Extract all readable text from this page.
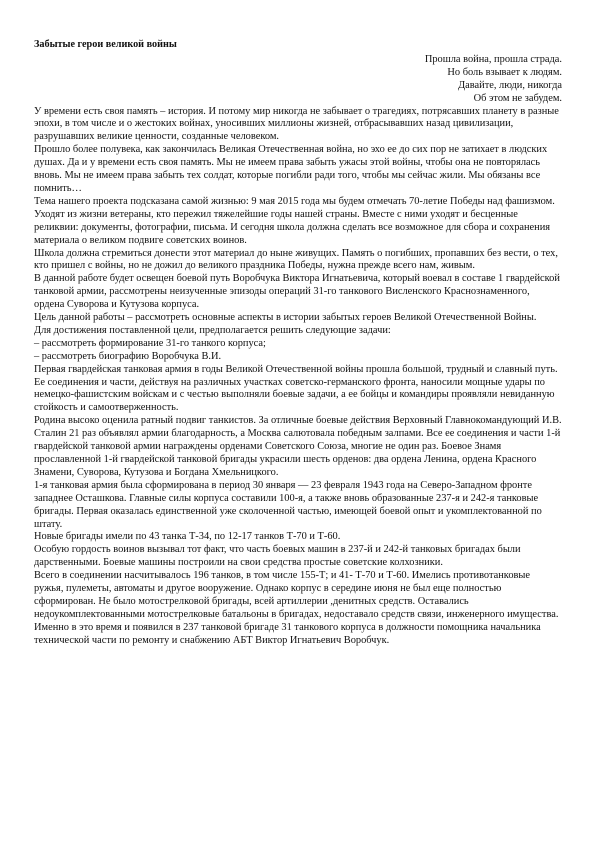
Забытые герои великой войны
Прошла война, прошла страда.
Но боль взывает к людям.
Давайте, люди, никогда
Об этом не забудем.

У времени есть своя память – история. И потому мир никогда не забывает о трагедиях, потрясавших планету в разные эпохи, в том числе и о жестоких войнах, уносивших миллионы жизней, отбрасывавших назад цивилизации, разрушавших великие ценности, созданные человеком.

Прошло более полувека, как закончилась Великая Отечественная война, но эхо ее до сих пор не затихает в людских душах. Да и у времени есть своя память. Мы не имеем права забыть ужасы этой войны, чтобы она не повторялась вновь. Мы не имеем права забыть тех солдат, которые погибли ради того, чтобы мы сейчас жили. Мы обязаны все помнить…

Тема нашего проекта подсказана самой жизнью: 9 мая 2015 года мы будем отмечать 70-летие Победы над фашизмом. Уходят из жизни ветераны, кто пережил тяжелейшие годы нашей страны. Вместе с ними уходят и бесценные реликвии: документы, фотографии, письма. И сегодня школа должна сделать все возможное для сбора и сохранения материала о великом подвиге советских воинов.

Школа должна стремиться донести этот материал до ныне живущих. Память о погибших, пропавших без вести, о тех, кто пришел с войны, но не дожил до великого праздника Победы, нужна прежде всего нам, живым.

В данной работе будет освещен боевой путь Воробчука Виктора Игнатьевича, который воевал в составе 1 гвардейской танковой армии, рассмотрены неизученные эпизоды операций 31-го танкового Висленского Краснознаменного, ордена Суворова и Кутузова корпуса.

Цель данной работы – рассмотреть основные аспекты в истории забытых героев Великой Отечественной Войны.

Для достижения поставленной цели, предполагается решить следующие задачи:

– рассмотреть формирование 31-го танкого корпуса;

– рассмотреть биографию Воробчука В.И.

Первая гвардейская танковая армия в годы Великой Отечественной войны прошла большой, трудный и славный путь. Ее соединения и части, действуя на различных участках советско-германского фронта, наносили мощные удары по немецко-фашистским войскам и с честью выполняли боевые задачи, а ее бойцы и командиры проявляли невиданную стойкость и самоотверженность.

Родина высоко оценила ратный подвиг танкистов. За отличные боевые действия Верховный Главнокомандующий И.В. Сталин 21 раз объявлял армии благодарность, а Москва салютовала победным залпами. Все ее соединения и части 1-й гвардейской танковой армии награждены орденами Советского Союза, многие не один раз. Боевое Знамя прославленной 1-й гвардейской танковой бригады украсили шесть орденов: два ордена Ленина, ордена Красного Знамени, Суворова, Кутузова и Богдана Хмельницкого.

1-я танковая армия была сформирована в период 30 января — 23 февраля 1943 года на Северо-Западном фронте западнее Осташкова. Главные силы корпуса составили 100-я, а также вновь образованные 237-я и 242-я танковые бригады. Первая оказалась единственной уже сколоченной частью, имеющей боевой опыт и укомплектованной по штату.

Новые бригады имели по 43 танка Т-34, по 12-17 танков Т-70 и Т-60.

Особую гордость воинов вызывал тот факт, что часть боевых машин в 237-й и 242-й танковых бригадах были дарственными. Боевые машины построили на свои средства простые советские колхозники.

Всего в соединении насчитывалось 196 танков, в том числе 155-Т; и 41- Т-70 и Т-60. Имелись противотанковые ружья, пулеметы, автоматы и другое вооружение. Однако корпус в середине июня не был еще полностью сформирован. Не было мотострелковой бригады, всей артиллерии ,денитных средств. Оставались недоукомплектованными мотострелковые батальоны в бригадах, недоставало средств связи, инженерного имущества.

Именно в это время и появился в 237 танковой бригаде 31 танкового корпуса в должности помощника начальника технической части по ремонту и снабжению АБТ Виктор Игнатьевич Воробчук.
